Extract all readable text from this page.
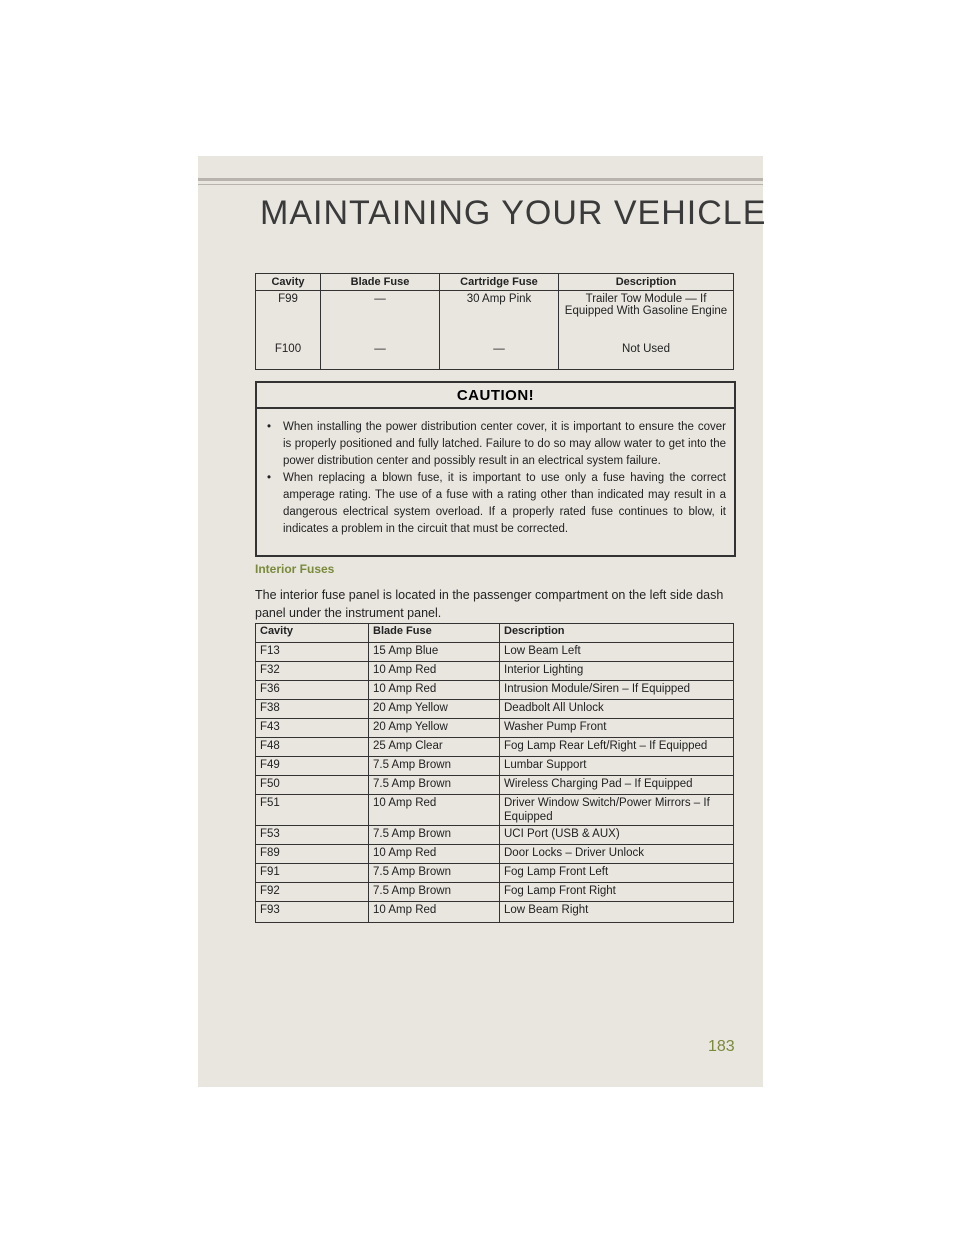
MAINTAINING YOUR VEHICLE
Cavity	Blade Fuse	Cartridge Fuse	Description
F99	—	30 Amp Pink	Trailer Tow Module — If Equipped With Gasoline Engine
F100	—	—	Not Used
CAUTION!
• When installing the power distribution center cover, it is important to ensure the cover is properly positioned and fully latched. Failure to do so may allow water to get into the power distribution center and possibly result in an electrical system failure.
• When replacing a blown fuse, it is important to use only a fuse having the correct amperage rating. The use of a fuse with a rating other than indicated may result in a dangerous electrical system overload. If a properly rated fuse continues to blow, it indicates a problem in the circuit that must be corrected.
Interior Fuses
The interior fuse panel is located in the passenger compartment on the left side dash panel under the instrument panel.
Cavity	Blade Fuse	Description
F13	15 Amp Blue	Low Beam Left
F32	10 Amp Red	Interior Lighting
F36	10 Amp Red	Intrusion Module/Siren – If Equipped
F38	20 Amp Yellow	Deadbolt All Unlock
F43	20 Amp Yellow	Washer Pump Front
F48	25 Amp Clear	Fog Lamp Rear Left/Right – If Equipped
F49	7.5 Amp Brown	Lumbar Support
F50	7.5 Amp Brown	Wireless Charging Pad – If Equipped
F51	10 Amp Red	Driver Window Switch/Power Mirrors – If Equipped
F53	7.5 Amp Brown	UCI Port (USB & AUX)
F89	10 Amp Red	Door Locks – Driver Unlock
F91	7.5 Amp Brown	Fog Lamp Front Left
F92	7.5 Amp Brown	Fog Lamp Front Right
F93	10 Amp Red	Low Beam Right
183
